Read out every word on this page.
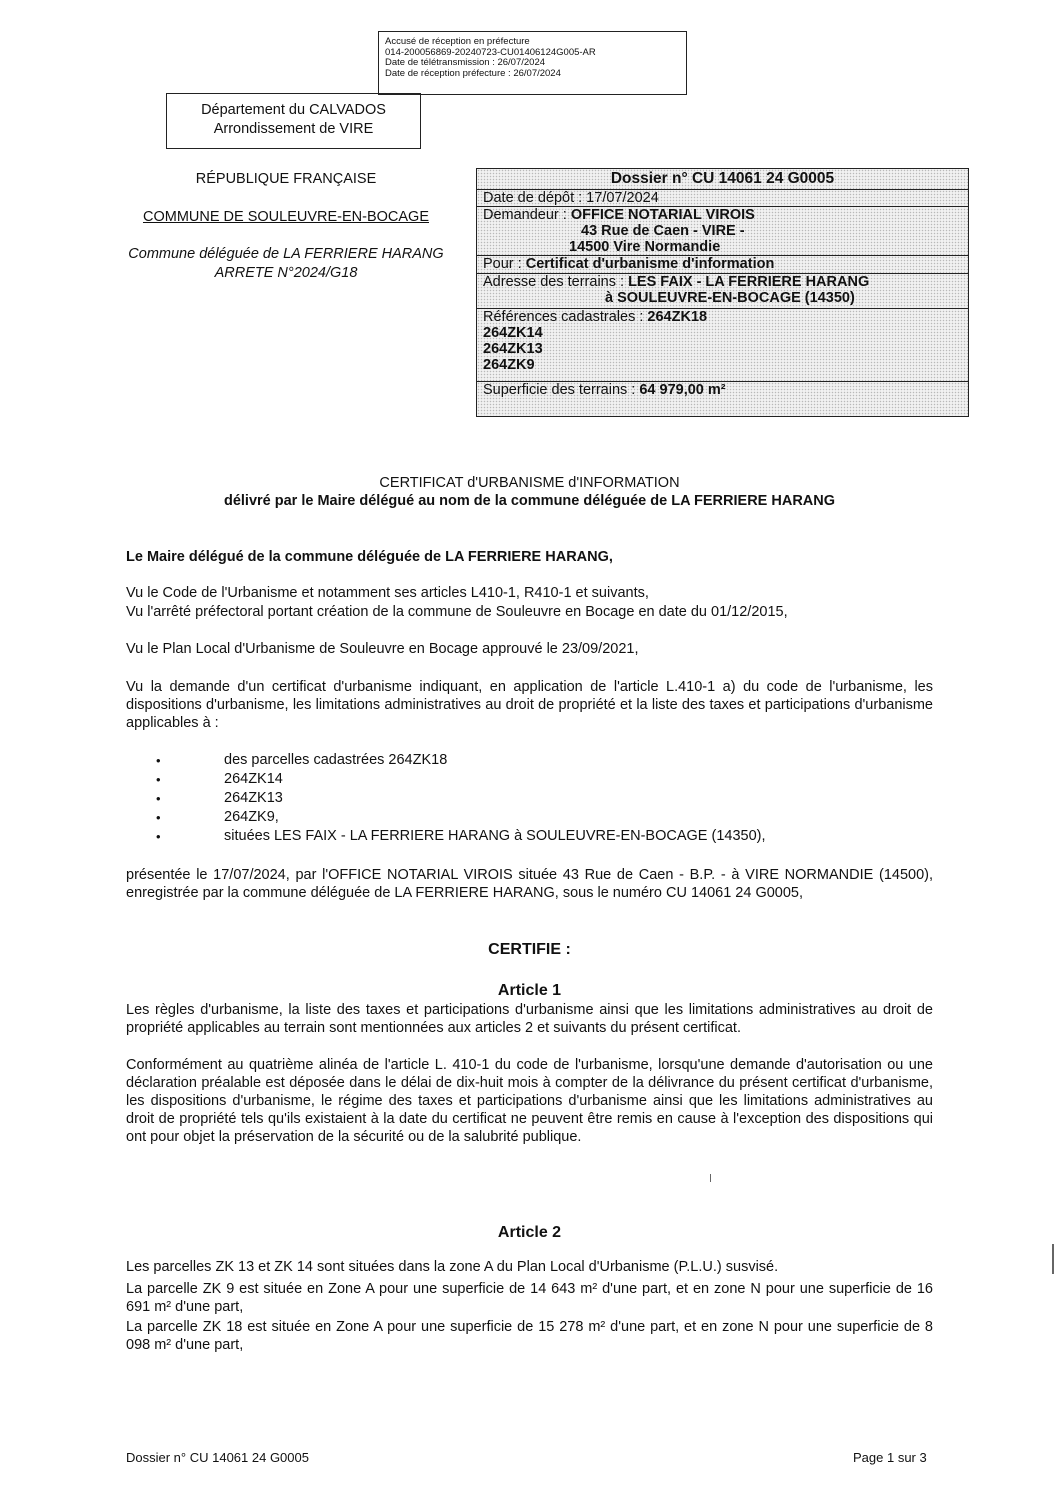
Accusé de réception en préfecture
014-200056869-20240723-CU01406124G005-AR
Date de télétransmission : 26/07/2024
Date de réception préfecture : 26/07/2024
Département du CALVADOS
Arrondissement de VIRE
RÉPUBLIQUE FRANÇAISE
COMMUNE DE SOULEUVRE-EN-BOCAGE
Commune déléguée de LA FERRIERE HARANG
ARRETE N°2024/G18
Dossier n° CU 14061 24 G0005
Date de dépôt : 17/07/2024
Demandeur : OFFICE NOTARIAL VIROIS
43 Rue de Caen - VIRE -
14500 Vire Normandie
Pour : Certificat d'urbanisme d'information
Adresse des terrains : LES FAIX - LA FERRIERE HARANG
à SOULEUVRE-EN-BOCAGE (14350)
Références cadastrales : 264ZK18
264ZK14
264ZK13
264ZK9
Superficie des terrains : 64 979,00 m²
CERTIFICAT d'URBANISME d'INFORMATION
délivré par le Maire délégué au nom de la commune déléguée de LA FERRIERE HARANG
Le Maire délégué de la commune déléguée de LA FERRIERE HARANG,
Vu le Code de l'Urbanisme et notamment ses articles L410-1, R410-1 et suivants,
Vu l'arrêté préfectoral portant création de la commune de Souleuvre en Bocage en date du 01/12/2015,
Vu le Plan Local d'Urbanisme de Souleuvre en Bocage approuvé le 23/09/2021,
Vu la demande d'un certificat d'urbanisme indiquant, en application de l'article L.410-1 a) du code de l'urbanisme, les dispositions d'urbanisme, les limitations administratives au droit de propriété et la liste des taxes et participations d'urbanisme applicables à :
• des parcelles cadastrées 264ZK18
• 264ZK14
• 264ZK13
• 264ZK9,
• situées LES FAIX - LA FERRIERE HARANG à SOULEUVRE-EN-BOCAGE (14350),
présentée le 17/07/2024, par l'OFFICE NOTARIAL VIROIS située 43 Rue de Caen - B.P. - à VIRE NORMANDIE (14500), enregistrée par la commune déléguée de LA FERRIERE HARANG, sous le numéro CU 14061 24 G0005,
CERTIFIE :
Article 1
Les règles d'urbanisme, la liste des taxes et participations d'urbanisme ainsi que les limitations administratives au droit de propriété applicables au terrain sont mentionnées aux articles 2 et suivants du présent certificat.
Conformément au quatrième alinéa de l'article L. 410-1 du code de l'urbanisme, lorsqu'une demande d'autorisation ou une déclaration préalable est déposée dans le délai de dix-huit mois à compter de la délivrance du présent certificat d'urbanisme, les dispositions d'urbanisme, le régime des taxes et participations d'urbanisme ainsi que les limitations administratives au droit de propriété tels qu'ils existaient à la date du certificat ne peuvent être remis en cause à l'exception des dispositions qui ont pour objet la préservation de la sécurité ou de la salubrité publique.
Article 2
Les parcelles ZK 13 et ZK 14 sont situées dans la zone A du Plan Local d'Urbanisme (P.L.U.) susvisé.
La parcelle ZK 9 est située en Zone A pour une superficie de 14 643 m² d'une part, et en zone N pour une superficie de 16 691 m² d'une part,
La parcelle ZK 18 est située en Zone A pour une superficie de 15 278 m² d'une part, et en zone N pour une superficie de 8 098 m² d'une part,
Dossier n° CU 14061 24 G0005	Page 1 sur 3
